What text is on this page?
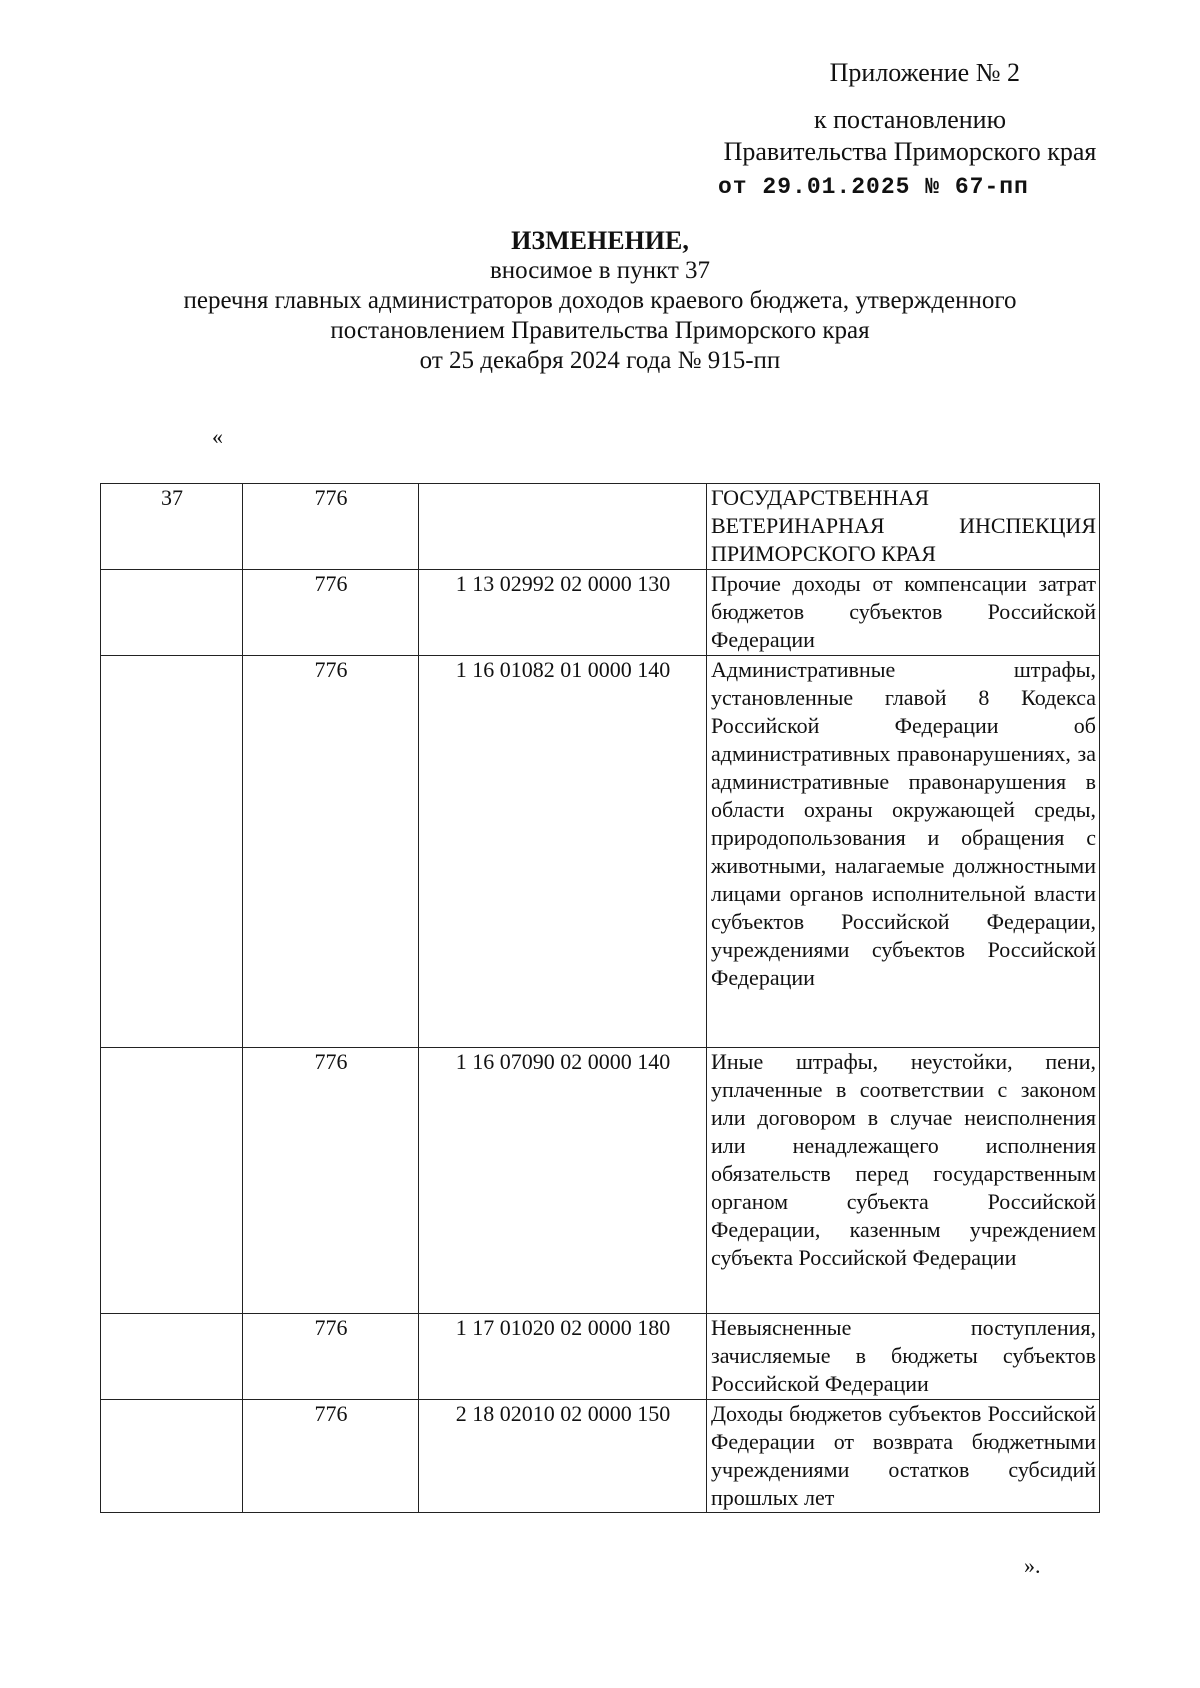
Приложение № 2
к постановлению
Правительства Приморского края
от 29.01.2025 № 67-пп
ИЗМЕНЕНИЕ,
вносимое в пункт 37
перечня главных администраторов доходов краевого бюджета, утвержденного
постановлением Правительства Приморского края
от 25 декабря 2024 года № 915-пп
«
37	776		ГОСУДАРСТВЕННАЯ ВЕТЕРИНАРНАЯ ИНСПЕКЦИЯ ПРИМОРСКОГО КРАЯ
	776	1 13 02992 02 0000 130	Прочие доходы от компенсации затрат бюджетов субъектов Российской Федерации
	776	1 16 01082 01 0000 140	Административные штрафы, установленные главой 8 Кодекса Российской Федерации об административных правонарушениях, за административные правонарушения в области охраны окружающей среды, природопользования и обращения с животными, налагаемые должностными лицами органов исполнительной власти субъектов Российской Федерации, учреждениями субъектов Российской Федерации
	776	1 16 07090 02 0000 140	Иные штрафы, неустойки, пени, уплаченные в соответствии с законом или договором в случае неисполнения или ненадлежащего исполнения обязательств перед государственным органом субъекта Российской Федерации, казенным учреждением субъекта Российской Федерации
	776	1 17 01020 02 0000 180	Невыясненные поступления, зачисляемые в бюджеты субъектов Российской Федерации
	776	2 18 02010 02 0000 150	Доходы бюджетов субъектов Российской Федерации от возврата бюджетными учреждениями остатков субсидий прошлых лет
».
